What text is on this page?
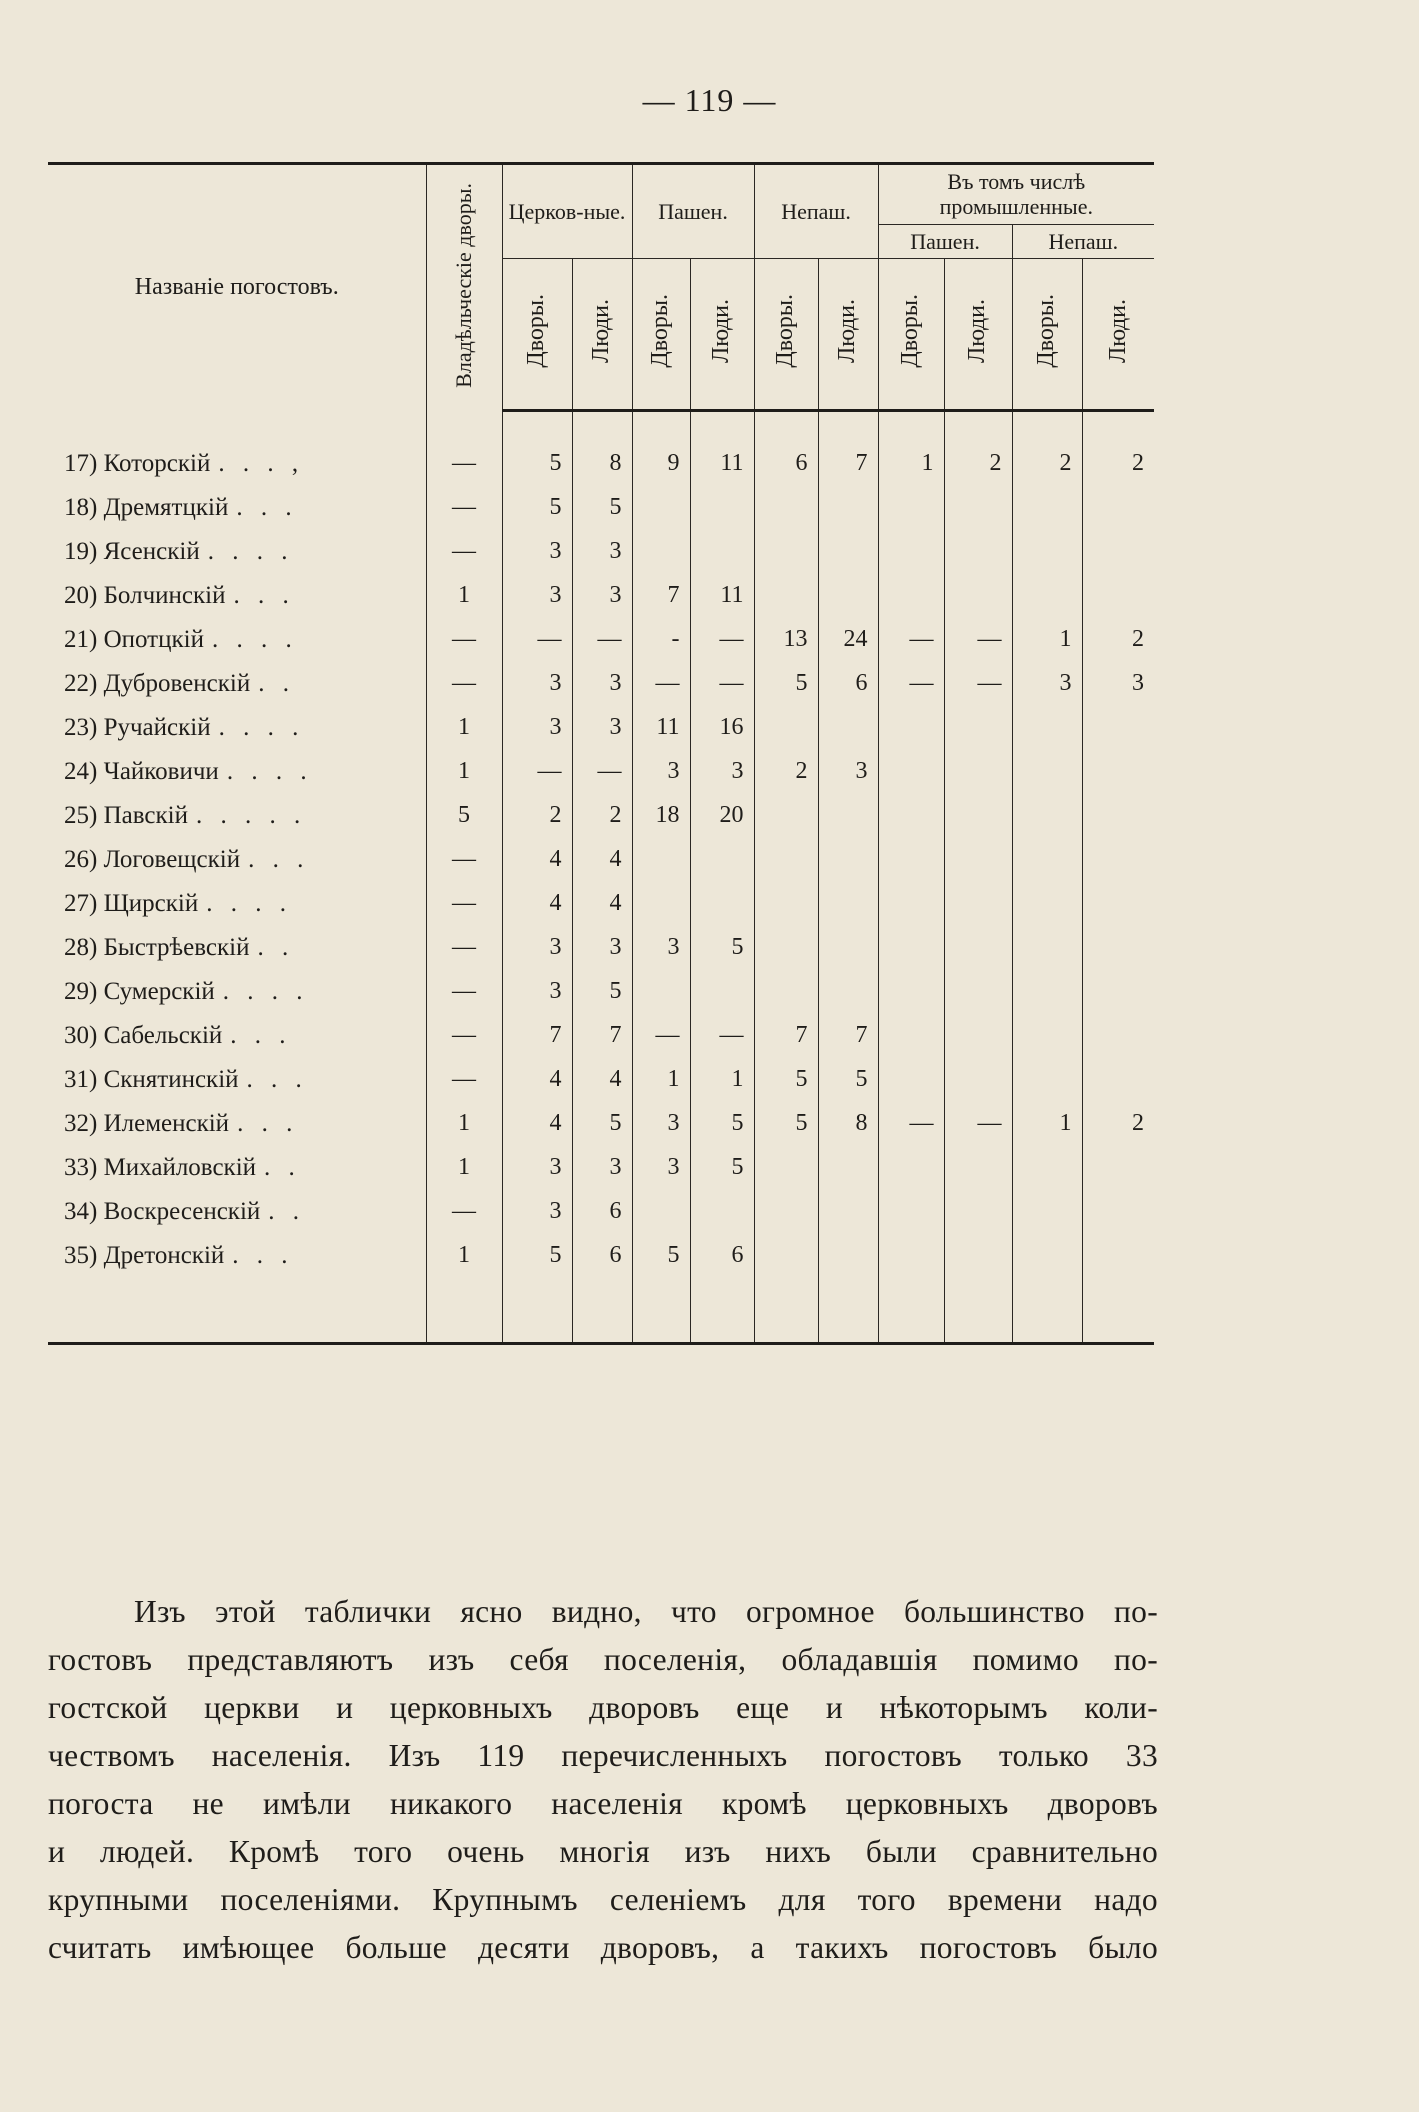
— 119 —
Названіе погостовъ.	Владѣльческіе дворы.	Церков-ные.		Пашен.		Непаш.		Въ томъ числѣ промышленные.			
								Пашен.		Непаш.	
		Дворы.	Люди.	Дворы.	Люди.	Дворы.	Люди.	Дворы.	Люди.	Дворы.	Люди.

17) Которскій . . . ,	—	5	8	9	11	6	7	1	2	2	2
18) Дремятцкій . . .	—	5	5								
19) Ясенскій . . . .	—	3	3								
20) Болчинскій . . .	1	3	3	7	11						
21) Опотцкій . . . .	—	—	—	-	—	13	24	—	—	1	2
22) Дубровенскій . .	—	3	3	—	—	5	6	—	—	3	3
23) Ручайскій . . . .	1	3	3	11	16						
24) Чайковичи . . . .	1	—	—	3	3	2	3				
25) Павскій . . . . .	5	2	2	18	20						
26) Логовещскій . . .	—	4	4								
27) Щирскій . . . .	—	4	4								
28) Быстрѣевскій . .	—	3	3	3	5						
29) Сумерскій . . . .	—	3	5								
30) Сабельскій . . .	—	7	7	—	—	7	7				
31) Скнятинскій . . .	—	4	4	1	1	5	5				
32) Илеменскій . . .	1	4	5	3	5	5	8	—	—	1	2
33) Михайловскій . .	1	3	3	3	5						
34) Воскресенскій . .	—	3	6								
35) Дретонскій . . .	1	5	6	5	6						

Изъ этой таблички ясно видно, что огромное большинство по-
гостовъ представляютъ изъ себя поселенія, обладавшія помимо по-
гостской церкви и церковныхъ дворовъ еще и нѣкоторымъ коли-
чествомъ населенія. Изъ 119 перечисленныхъ погостовъ только 33
погоста не имѣли никакого населенія кромѣ церковныхъ дворовъ
и людей. Кромѣ того очень многія изъ нихъ были сравнительно
крупными поселеніями. Крупнымъ селеніемъ для того времени надо
считать имѣющее больше десяти дворовъ, а такихъ погостовъ было
